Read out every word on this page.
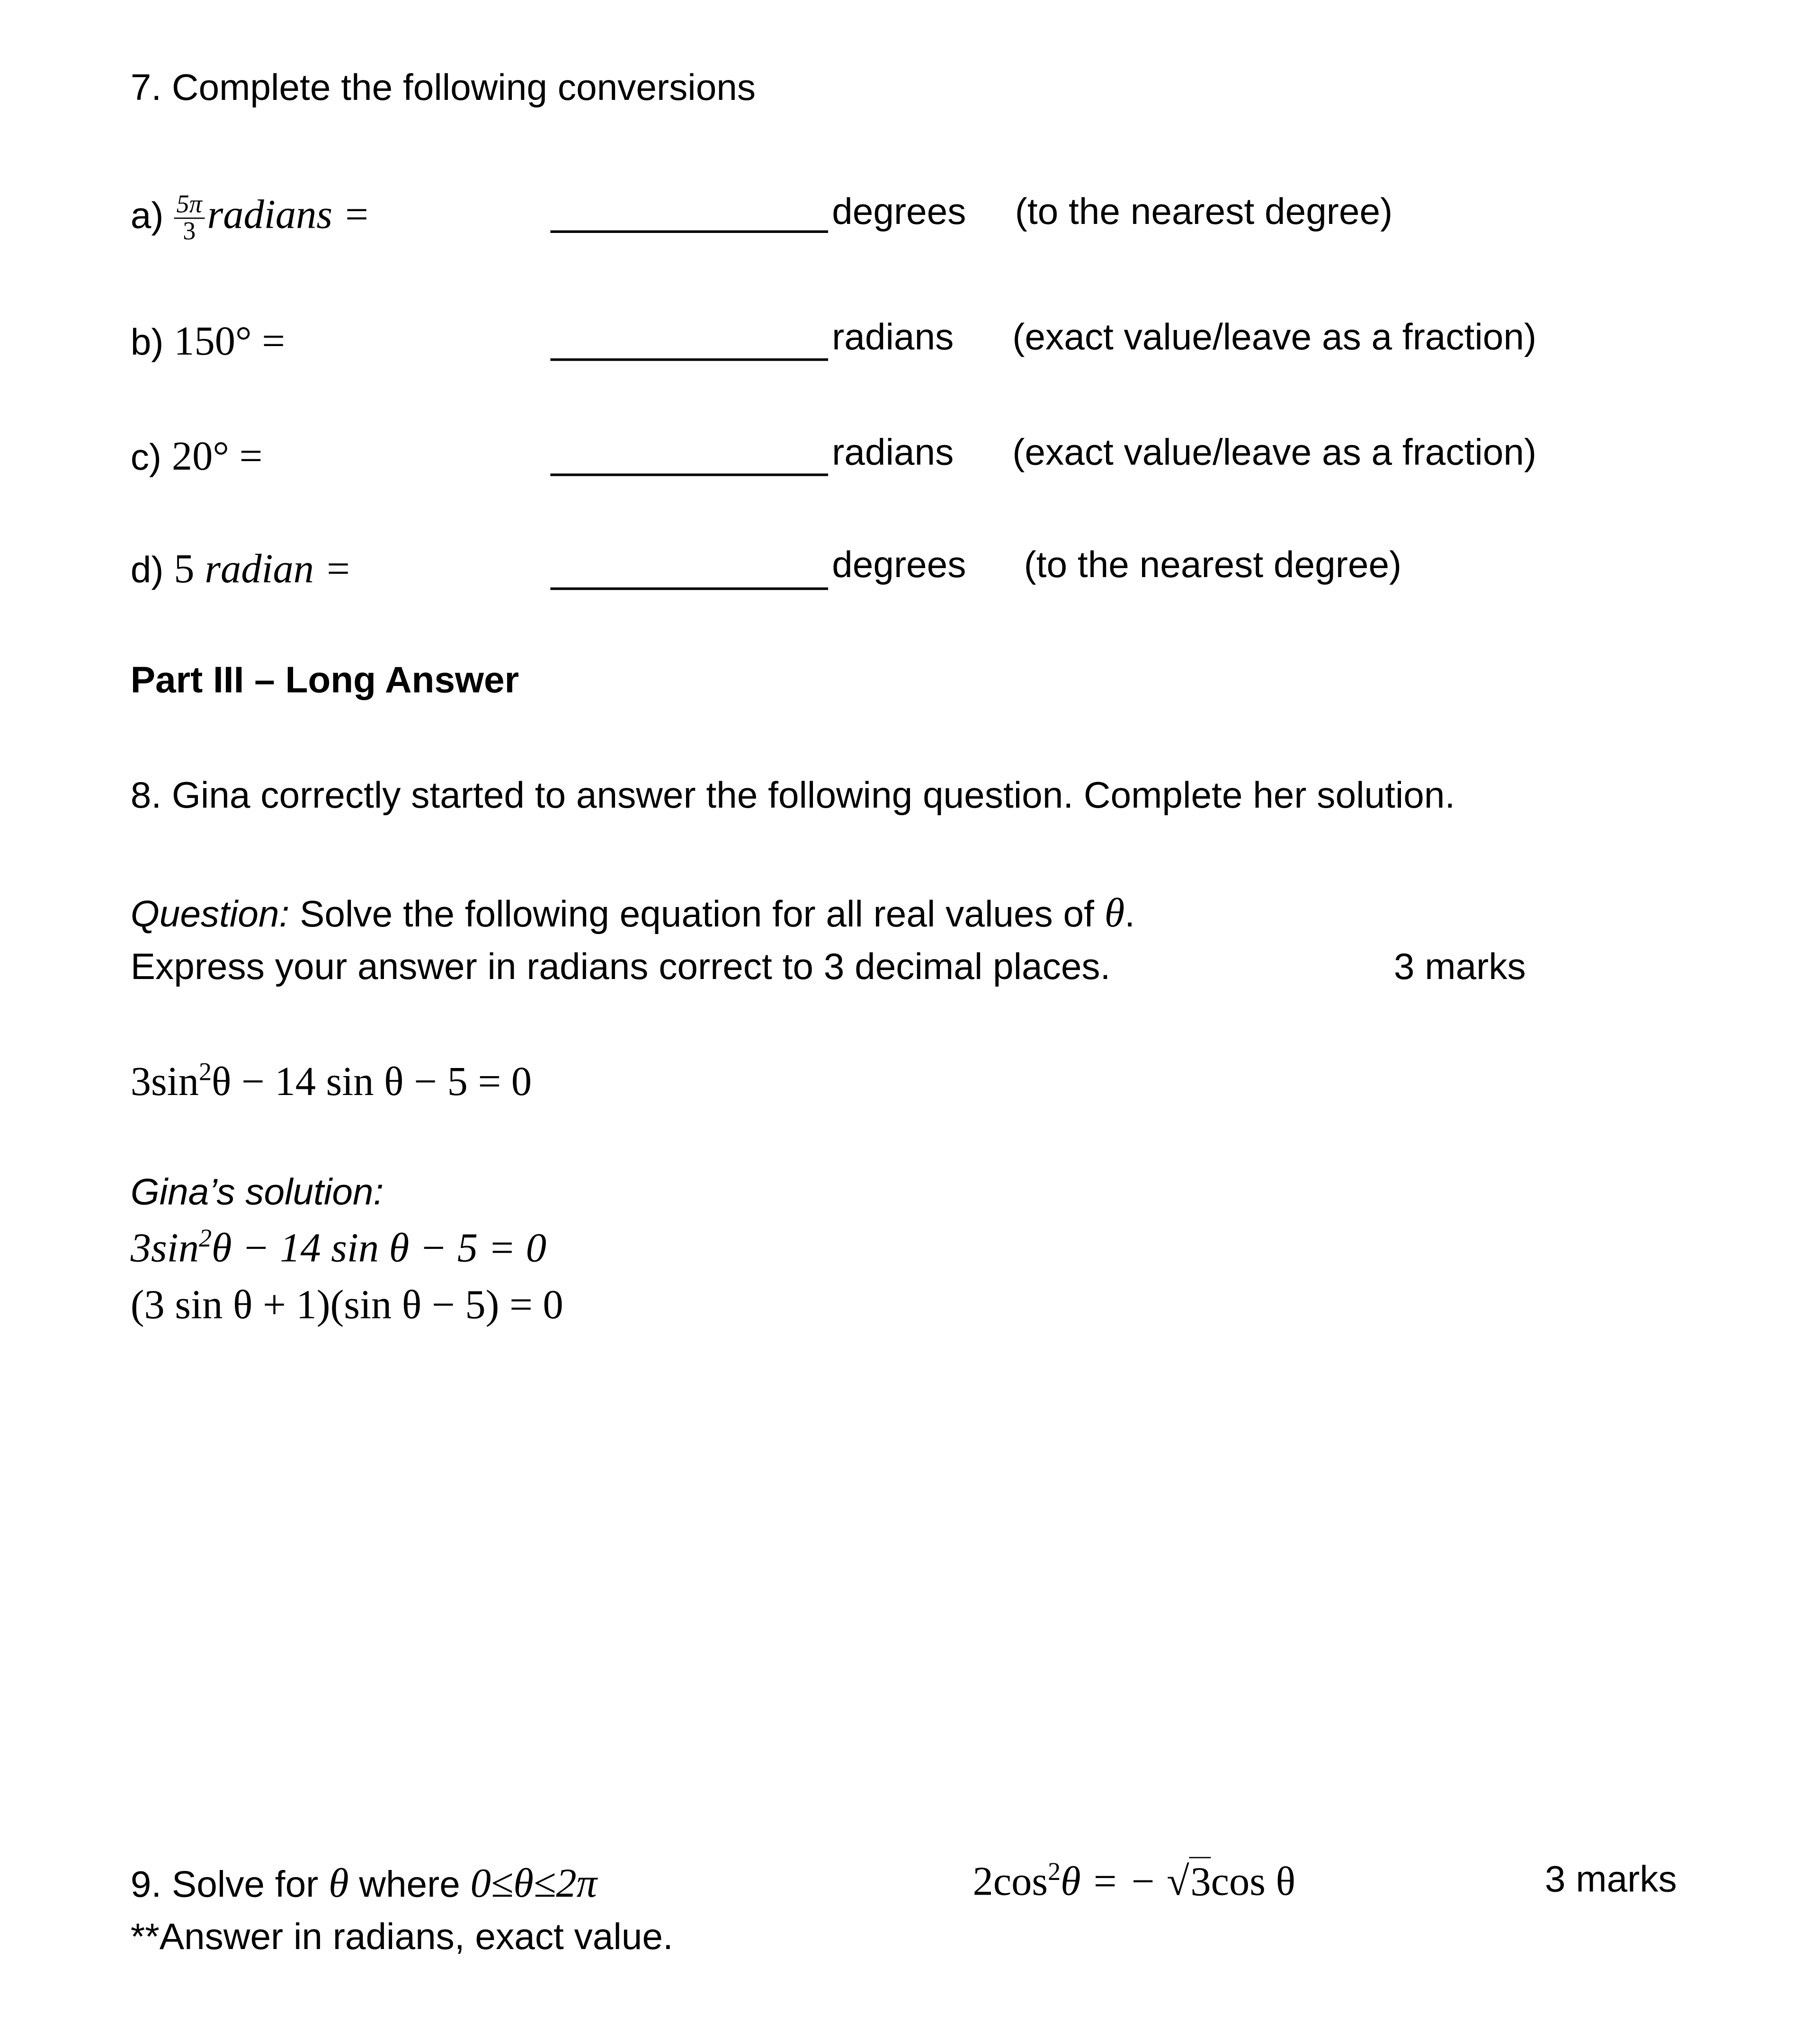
7. Complete the following conversions
$a) \frac{5\pi}{3}$ radians =	degrees	(to the nearest degree)
b) 150° =	radians	(exact value/leave as a fraction)
c) 20° =	radians	(exact value/leave as a fraction)
d) 5 radian =	degrees	(to the nearest degree)
Part III – Long Answer
8. Gina correctly started to answer the following question. Complete her solution.
Question: Solve the following equation for all real values of θ.
Express your answer in radians correct to 3 decimal places.	3 marks
$3\sin^2\theta - 14$ sin θ − 5 = 0
Gina’s solution:
$3\sin^2\theta - 14$ sin θ − 5 = 0
(3 sin θ + 1)(sin θ − 5) = 0
9. Solve for θ where 0≤θ≤2π	$2\cos^2\theta$ = − √3cos θ	3 marks
**Answer in radians, exact value.
